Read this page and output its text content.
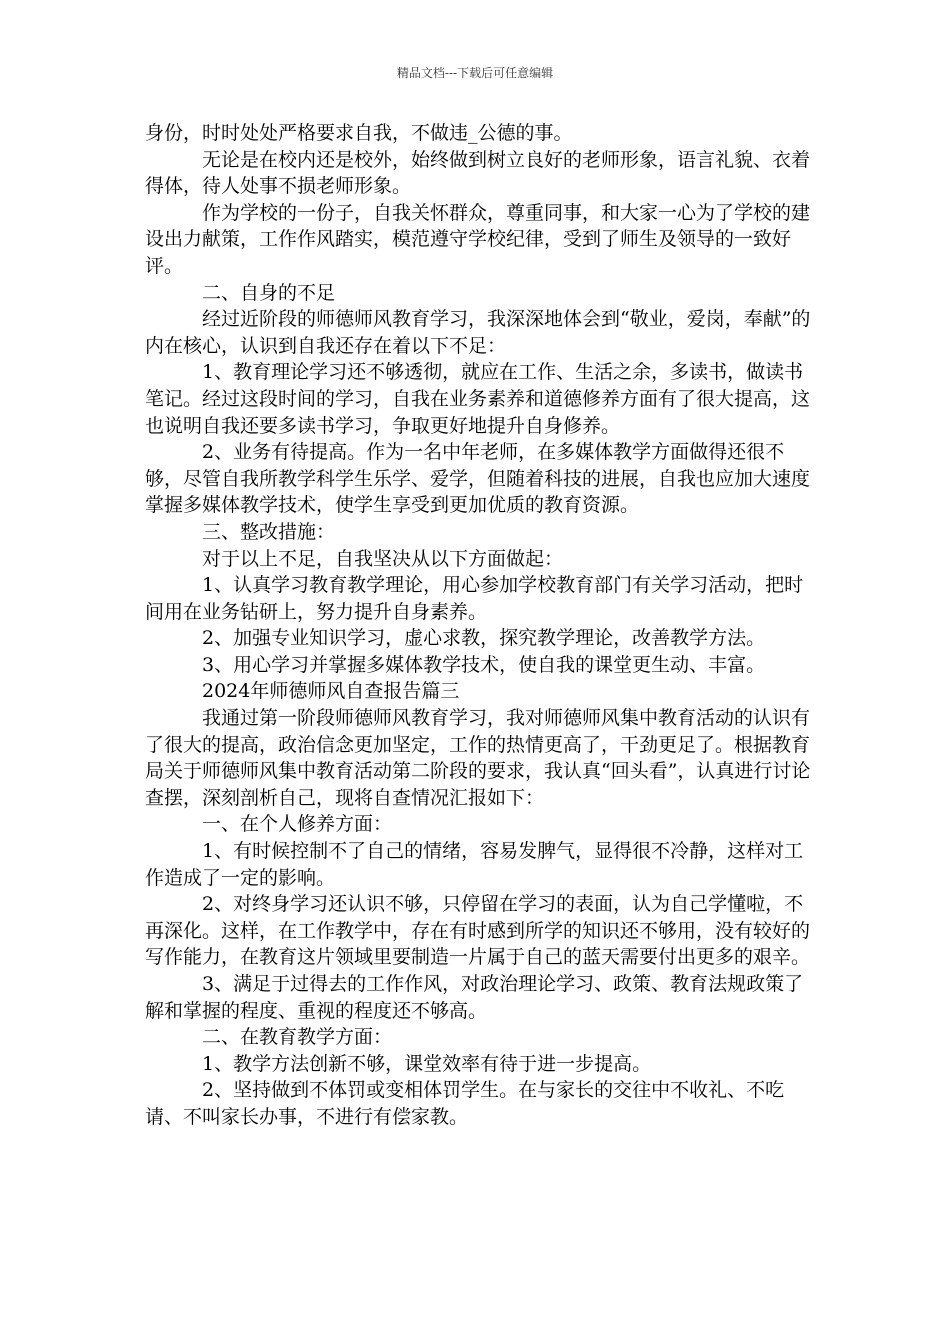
精品文档---下载后可任意编辑

身份，时时处处严格要求自我，不做违_公德的事。

无论是在校内还是校外，始终做到树立良好的老师形象，语言礼貌、衣着得体，待人处事不损老师形象。

作为学校的一份子，自我关怀群众，尊重同事，和大家一心为了学校的建设出力献策，工作作风踏实，模范遵守学校纪律，受到了师生及领导的一致好评。

二、自身的不足

经过近阶段的师德师风教育学习，我深深地体会到“敬业，爱岗，奉献”的内在核心，认识到自我还存在着以下不足：

1、教育理论学习还不够透彻，就应在工作、生活之余，多读书，做读书笔记。经过这段时间的学习，自我在业务素养和道德修养方面有了很大提高，这也说明自我还要多读书学习，争取更好地提升自身修养。

2、业务有待提高。作为一名中年老师，在多媒体教学方面做得还很不够，尽管自我所教学科学生乐学、爱学，但随着科技的进展，自我也应加大速度掌握多媒体教学技术，使学生享受到更加优质的教育资源。

三、整改措施：

对于以上不足，自我坚决从以下方面做起：

1、认真学习教育教学理论，用心参加学校教育部门有关学习活动，把时间用在业务钻研上，努力提升自身素养。

2、加强专业知识学习，虚心求教，探究教学理论，改善教学方法。

3、用心学习并掌握多媒体教学技术，使自我的课堂更生动、丰富。

2024年师德师风自查报告篇三

我通过第一阶段师德师风教育学习，我对师德师风集中教育活动的认识有了很大的提高，政治信念更加坚定，工作的热情更高了，干劲更足了。根据教育局关于师德师风集中教育活动第二阶段的要求，我认真“回头看”，认真进行讨论查摆，深刻剖析自己，现将自查情况汇报如下：

一、在个人修养方面：

1、有时候控制不了自己的情绪，容易发脾气，显得很不冷静，这样对工作造成了一定的影响。

2、对终身学习还认识不够，只停留在学习的表面，认为自己学懂啦，不再深化。这样，在工作教学中，存在有时感到所学的知识还不够用，没有较好的写作能力，在教育这片领域里要制造一片属于自己的蓝天需要付出更多的艰辛。

3、满足于过得去的工作作风，对政治理论学习、政策、教育法规政策了解和掌握的程度、重视的程度还不够高。

二、在教育教学方面：

1、教学方法创新不够，课堂效率有待于进一步提高。

2、坚持做到不体罚或变相体罚学生。在与家长的交往中不收礼、不吃请、不叫家长办事，不进行有偿家教。
